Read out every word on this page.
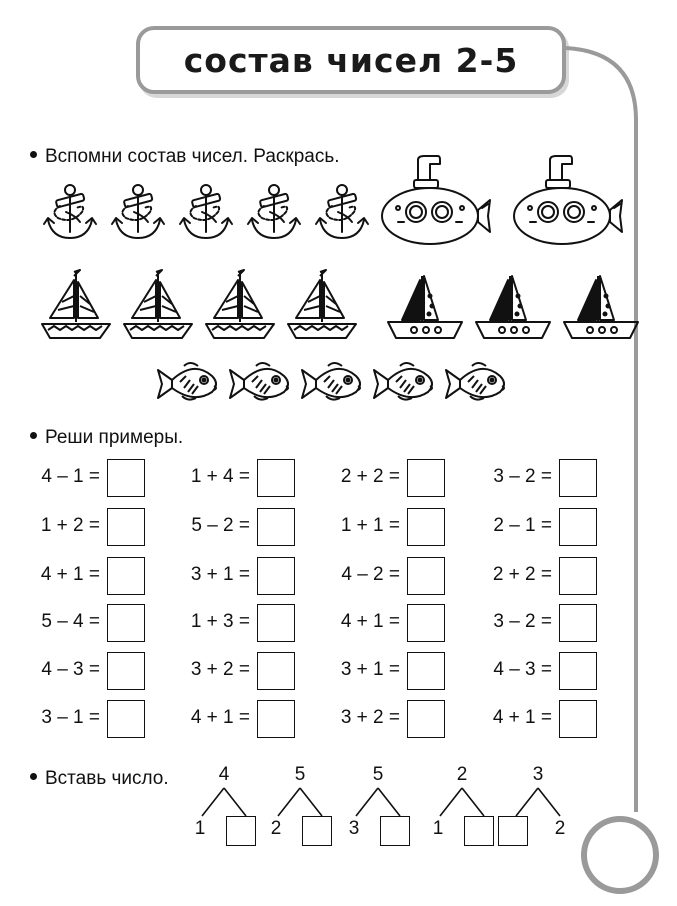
состав чисел 2-5
Вспомни состав чисел. Раскрась.
Реши примеры.
4 – 1 =
1 + 2 =
4 + 1 =
5 – 4 =
4 – 3 =
3 – 1 =
1 + 4 =
5 – 2 =
3 + 1 =
1 + 3 =
3 + 2 =
4 + 1 =
2 + 2 =
1 + 1 =
4 – 2 =
4 + 1 =
3 + 1 =
3 + 2 =
3 – 2 =
2 – 1 =
2 + 2 =
3 – 2 =
4 – 3 =
4 + 1 =
Вставь число.	4
1
5
2
5
3
2
1
3
2
